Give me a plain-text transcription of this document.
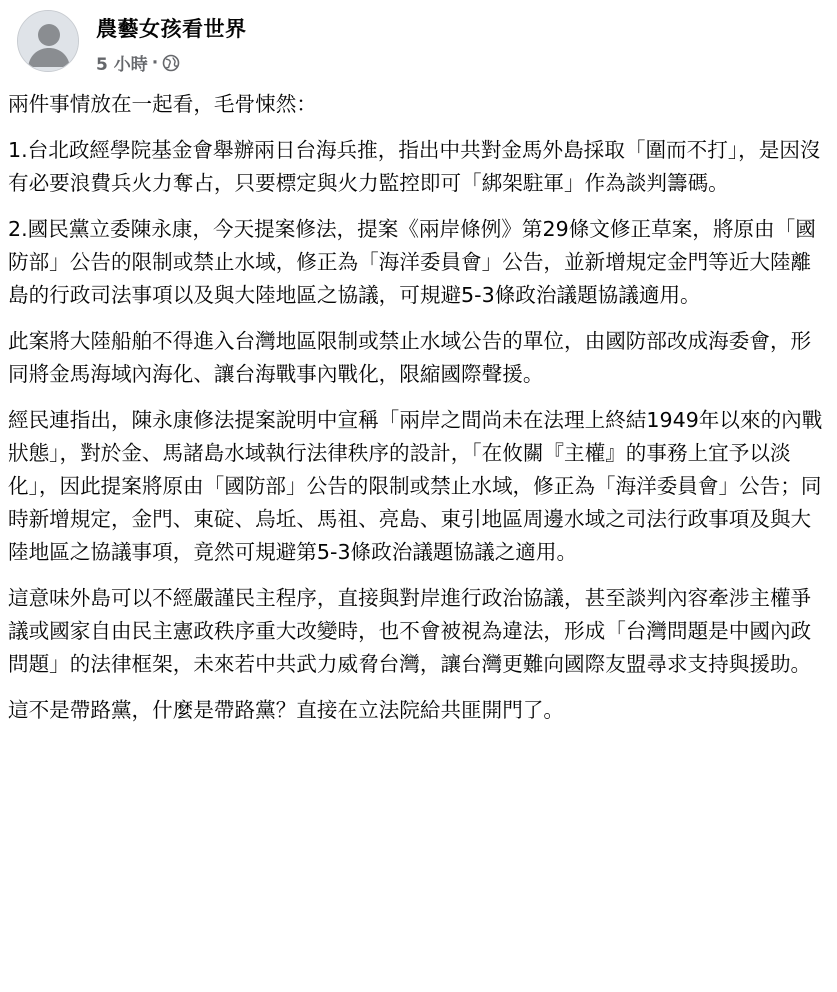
農藝女孩看世界
5 小時 ·

兩件事情放在一起看，毛骨悚然：

1.台北政經學院基金會舉辦兩日台海兵推，指出中共對金馬外島採取「圍而不打」，是因沒有必要浪費兵火力奪占，只要標定與火力監控即可「綁架駐軍」作為談判籌碼。

2.國民黨立委陳永康，今天提案修法，提案《兩岸條例》第29條文修正草案，將原由「國防部」公告的限制或禁止水域，修正為「海洋委員會」公告，並新增規定金門等近大陸離島的行政司法事項以及與大陸地區之協議，可規避5-3條政治議題協議適用。

此案將大陸船舶不得進入台灣地區限制或禁止水域公告的單位，由國防部改成海委會，形同將金馬海域內海化、讓台海戰事內戰化，限縮國際聲援。

經民連指出，陳永康修法提案說明中宣稱「兩岸之間尚未在法理上終結1949年以來的內戰狀態」，對於金、馬諸島水域執行法律秩序的設計，「在攸關『主權』的事務上宜予以淡化」，因此提案將原由「國防部」公告的限制或禁止水域，修正為「海洋委員會」公告；同時新增規定，金門、東碇、烏坵、馬祖、亮島、東引地區周邊水域之司法行政事項及與大陸地區之協議事項，竟然可規避第5-3條政治議題協議之適用。

這意味外島可以不經嚴謹民主程序，直接與對岸進行政治協議，甚至談判內容牽涉主權爭議或國家自由民主憲政秩序重大改變時，也不會被視為違法，形成「台灣問題是中國內政問題」的法律框架，未來若中共武力威脅台灣，讓台灣更難向國際友盟尋求支持與援助。

這不是帶路黨，什麼是帶路黨？直接在立法院給共匪開門了。
